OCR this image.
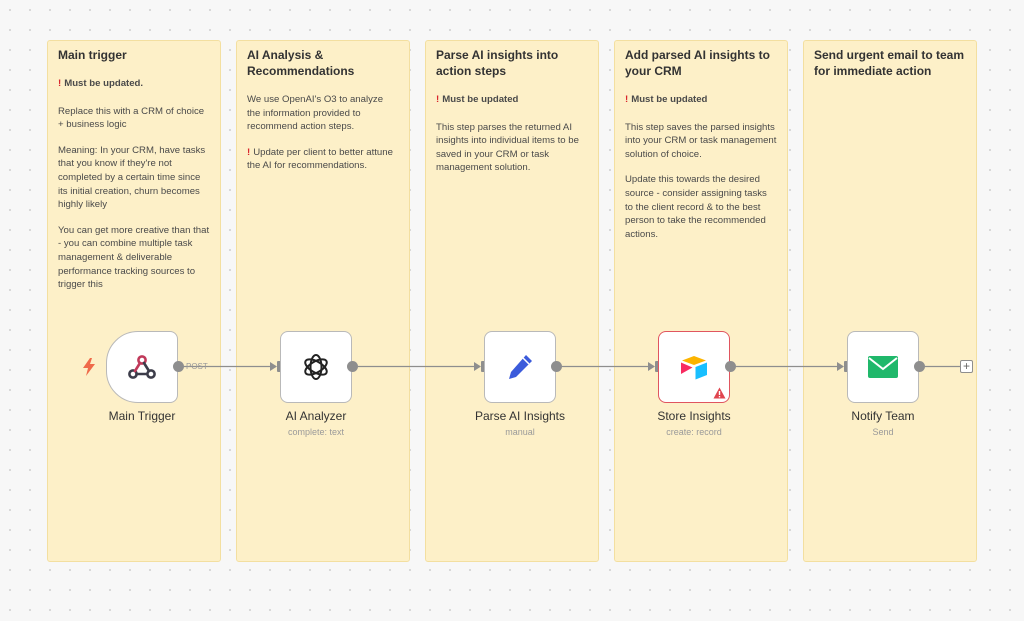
Main trigger

! Must be updated.

Replace this with a CRM of choice + business logic

Meaning: In your CRM, have tasks that you know if they're not completed by a certain time since its initial creation, churn becomes highly likely

You can get more creative than that - you can combine multiple task management & deliverable performance tracking sources to trigger this

AI Analysis & Recommendations

We use OpenAI's O3 to analyze the information provided to recommend action steps.

! Update per client to better attune the AI for recommendations.

Parse AI insights into action steps

! Must be updated

This step parses the returned AI insights into individual items to be saved in your CRM or task management solution.

Add parsed AI insights to your CRM

! Must be updated

This step saves the parsed insights into your CRM or task management solution of choice.

Update this towards the desired source - consider assigning tasks to the client record & to the best person to take the recommended actions.

Send urgent email to team for immediate action
POST
Main Trigger	AI Analyzer
complete: text
Parse AI Insights
manual
Store Insights
create: record
Notify Team
Send
+
